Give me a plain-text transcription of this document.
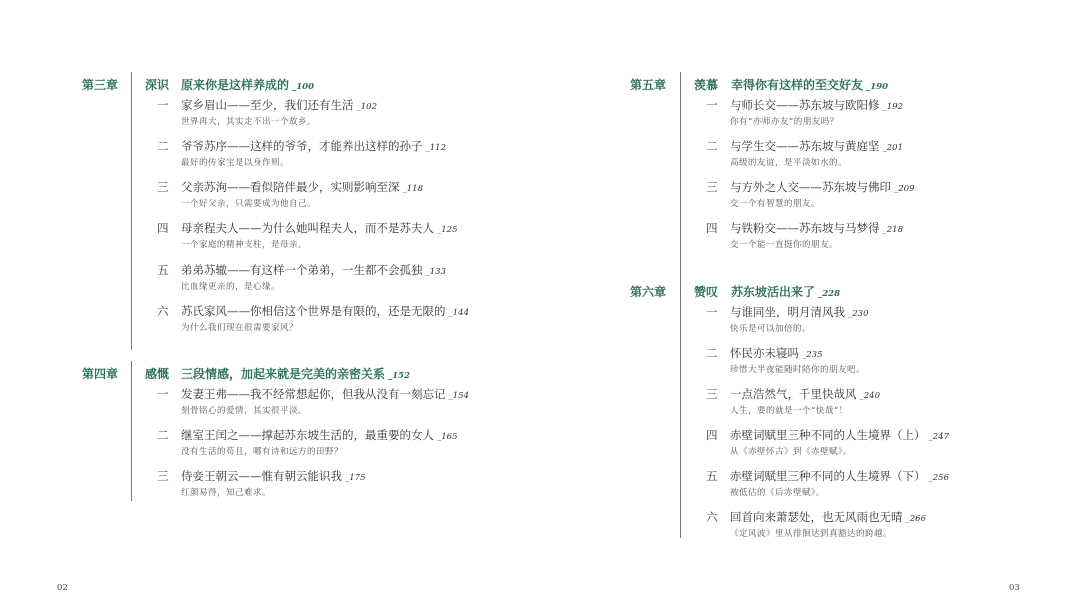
第三章 深识 原来你是这样养成的 _100
一 家乡眉山——至少，我们还有生活 _102
世界再大，其实走不出一个故乡。
二 爷爷苏序——这样的爷爷，才能养出这样的孙子 _112
最好的传家宝是以身作则。
三 父亲苏洵——看似陪伴最少，实则影响至深 _118
一个好父亲，只需要成为他自己。
四 母亲程夫人——为什么她叫程夫人，而不是苏夫人 _125
一个家庭的精神支柱，是母亲。
五 弟弟苏辙——有这样一个弟弟，一生都不会孤独 _133
比血缘更亲的，是心缘。
六 苏氏家风——你相信这个世界是有限的，还是无限的 _144
为什么我们现在很需要家风？
第四章 感慨 三段情感，加起来就是完美的亲密关系 _152
一 发妻王弗——我不经常想起你，但我从没有一刻忘记 _154
刻骨铭心的爱情，其实很平淡。
二 继室王闰之——撑起苏东坡生活的，最重要的女人 _165
没有生活的苟且，哪有诗和远方的田野？
三 侍妾王朝云——惟有朝云能识我 _175
红颜易得，知己难求。
第五章 羡慕 幸得你有这样的至交好友 _190
一 与师长交——苏东坡与欧阳修 _192
你有“亦师亦友”的朋友吗？
二 与学生交——苏东坡与黄庭坚 _201
高级的友谊，是平淡如水的。
三 与方外之人交——苏东坡与佛印 _209
交一个有智慧的朋友。
四 与铁粉交——苏东坡与马梦得 _218
交一个能一直挺你的朋友。
第六章 赞叹 苏东坡活出来了 _228
一 与谁同坐，明月清风我 _230
快乐是可以加倍的。
二 怀民亦未寝吗 _235
珍惜大半夜能随时陪你的朋友吧。
三 一点浩然气，千里快哉风 _240
人生，要的就是一个“快哉”！
四 赤壁词赋里三种不同的人生境界（上） _247
从《赤壁怀古》到《赤壁赋》。
五 赤壁词赋里三种不同的人生境界（下） _256
被低估的《后赤壁赋》。
六 回首向来萧瑟处，也无风雨也无晴 _266
《定风波》里从徘徊达到真豁达的跨越。
02	03
